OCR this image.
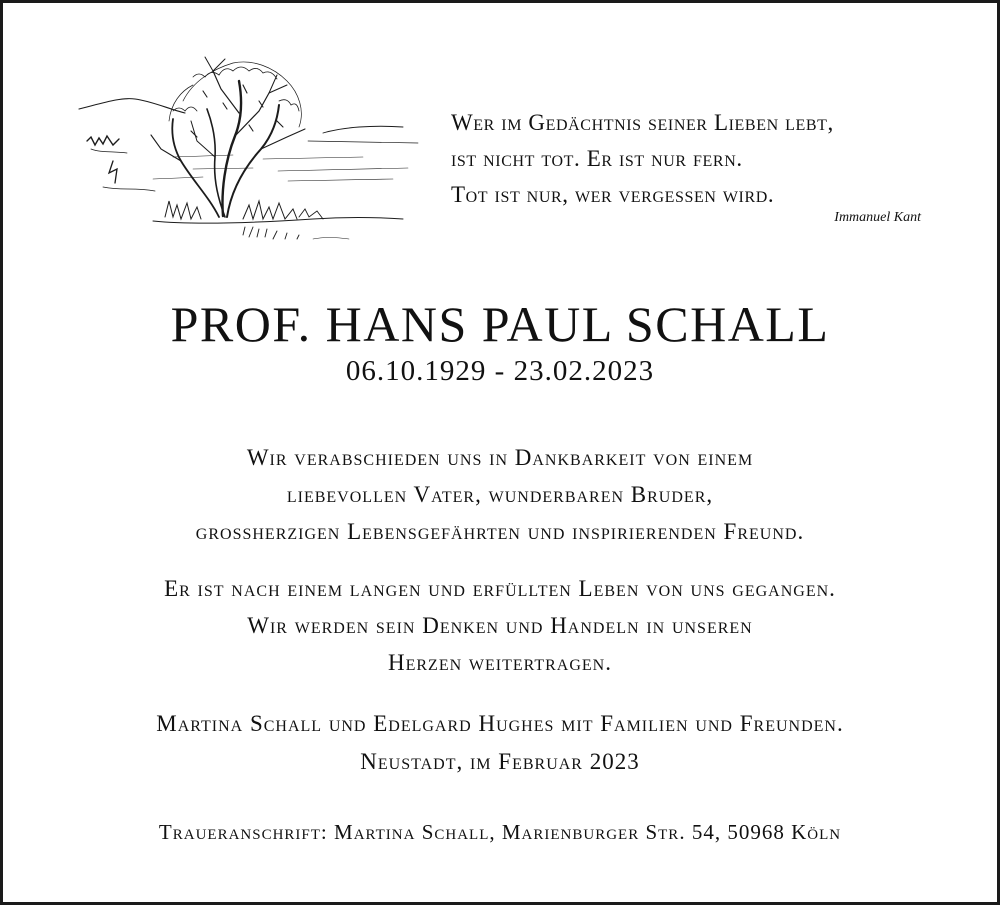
Wer im Gedächtnis seiner Lieben lebt,
ist nicht tot. Er ist nur fern.
Tot ist nur, wer vergessen wird.
Immanuel Kant
PROF. HANS PAUL SCHALL
06.10.1929 - 23.02.2023
Wir verabschieden uns in Dankbarkeit von einem
liebevollen Vater, wunderbaren Bruder,
grossherzigen Lebensgefährten und inspirierenden Freund.
Er ist nach einem langen und erfüllten Leben von uns gegangen.
Wir werden sein Denken und Handeln in unseren
Herzen weitertragen.
Martina Schall und Edelgard Hughes mit Familien und Freunden.
Neustadt, im Februar 2023
Traueranschrift: Martina Schall, Marienburger Str. 54, 50968 Köln
